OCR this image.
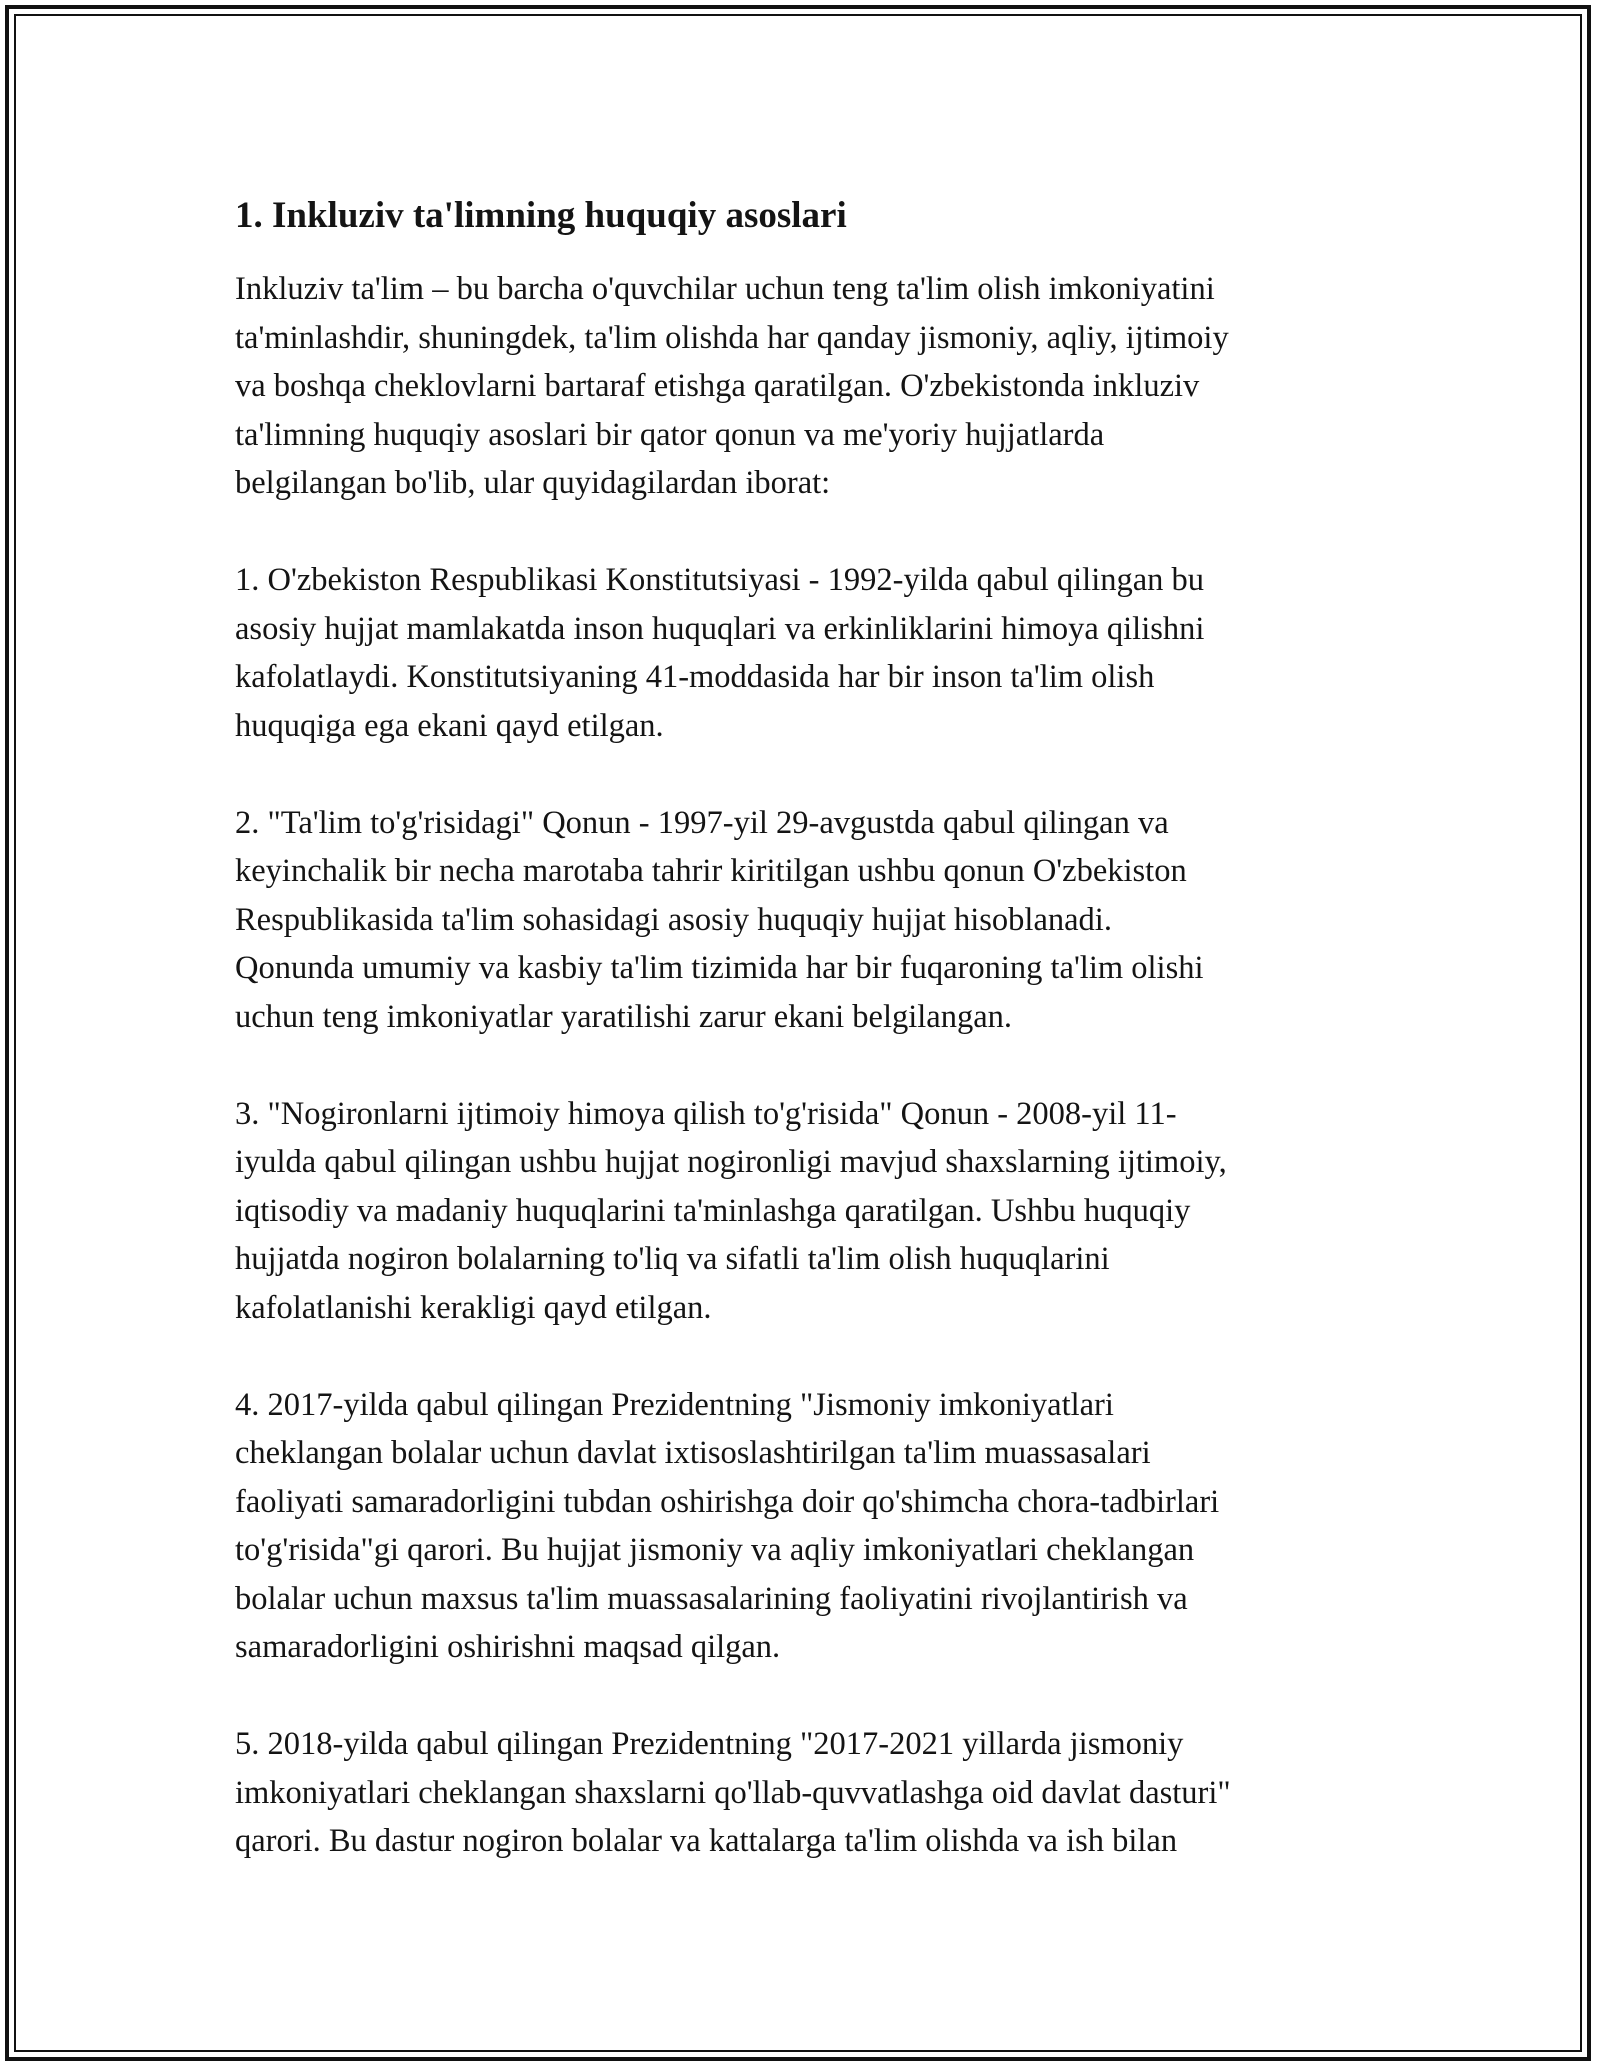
1. Inkluziv ta'limning huquqiy asoslari

Inkluziv ta'lim – bu barcha o'quvchilar uchun teng ta'lim olish imkoniyatini
ta'minlashdir, shuningdek, ta'lim olishda har qanday jismoniy, aqliy, ijtimoiy
va boshqa cheklovlarni bartaraf etishga qaratilgan. O'zbekistonda inkluziv
ta'limning huquqiy asoslari bir qator qonun va me'yoriy hujjatlarda
belgilangan bo'lib, ular quyidagilardan iborat:

1. O'zbekiston Respublikasi Konstitutsiyasi - 1992-yilda qabul qilingan bu
asosiy hujjat mamlakatda inson huquqlari va erkinliklarini himoya qilishni
kafolatlaydi. Konstitutsiyaning 41-moddasida har bir inson ta'lim olish
huquqiga ega ekani qayd etilgan.

2. "Ta'lim to'g'risidagi" Qonun - 1997-yil 29-avgustda qabul qilingan va
keyinchalik bir necha marotaba tahrir kiritilgan ushbu qonun O'zbekiston
Respublikasida ta'lim sohasidagi asosiy huquqiy hujjat hisoblanadi.
Qonunda umumiy va kasbiy ta'lim tizimida har bir fuqaroning ta'lim olishi
uchun teng imkoniyatlar yaratilishi zarur ekani belgilangan.

3. "Nogironlarni ijtimoiy himoya qilish to'g'risida" Qonun - 2008-yil 11-
iyulda qabul qilingan ushbu hujjat nogironligi mavjud shaxslarning ijtimoiy,
iqtisodiy va madaniy huquqlarini ta'minlashga qaratilgan. Ushbu huquqiy
hujjatda nogiron bolalarning to'liq va sifatli ta'lim olish huquqlarini
kafolatlanishi kerakligi qayd etilgan.

4. 2017-yilda qabul qilingan Prezidentning "Jismoniy imkoniyatlari
cheklangan bolalar uchun davlat ixtisoslashtirilgan ta'lim muassasalari
faoliyati samaradorligini tubdan oshirishga doir qo'shimcha chora-tadbirlari
to'g'risida"gi qarori. Bu hujjat jismoniy va aqliy imkoniyatlari cheklangan
bolalar uchun maxsus ta'lim muassasalarining faoliyatini rivojlantirish va
samaradorligini oshirishni maqsad qilgan.

5. 2018-yilda qabul qilingan Prezidentning "2017-2021 yillarda jismoniy
imkoniyatlari cheklangan shaxslarni qo'llab-quvvatlashga oid davlat dasturi"
qarori. Bu dastur nogiron bolalar va kattalarga ta'lim olishda va ish bilan
